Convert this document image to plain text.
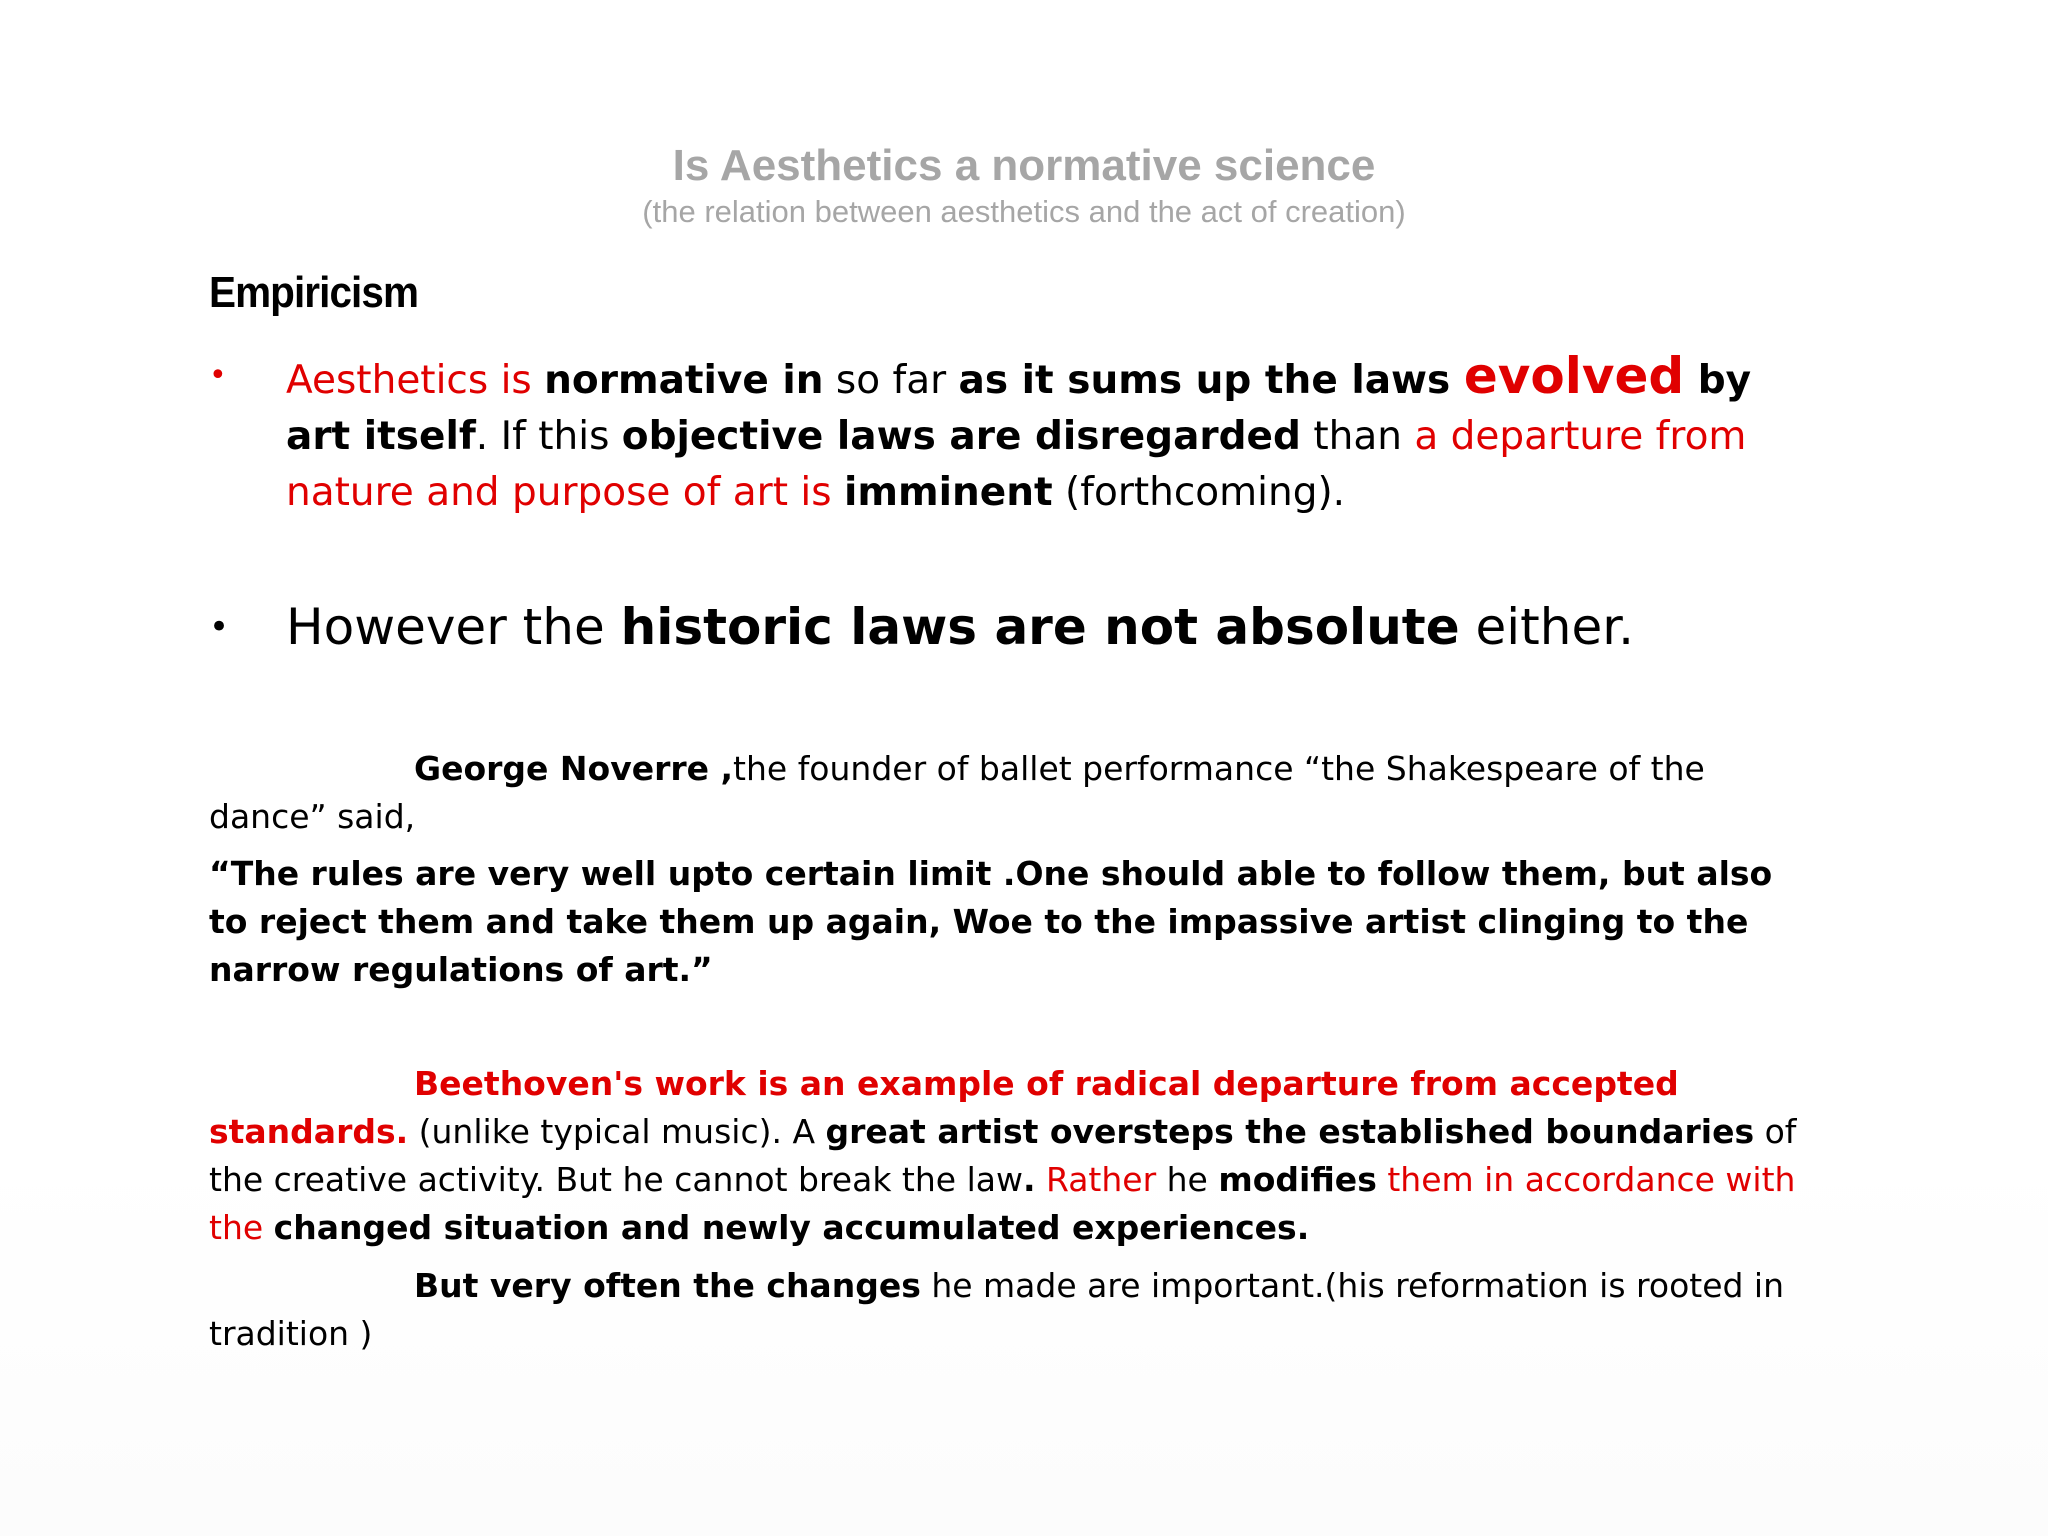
Is Aesthetics a normative science
(the relation between aesthetics and the act of creation)
Empiricism
•	Aesthetics is normative in so far as it sums up the laws evolved by art itself. If this objective laws are disregarded than a departure from nature and purpose of art is imminent (forthcoming).
•	However the historic laws are not absolute either.
George Noverre ,the founder of ballet performance “the Shakespeare of the dance” said,
“The rules are very well upto certain limit .One should able to follow them, but also to reject them and take them up again, Woe to the impassive artist clinging to the narrow regulations of art.”
Beethoven's work is an example of radical departure from accepted standards. (unlike typical music). A great artist oversteps the established boundaries of the creative activity. But he cannot break the law. Rather he modifies them in accordance with the changed situation and newly accumulated experiences.
But very often the changes he made are important.(his reformation is rooted in tradition )
